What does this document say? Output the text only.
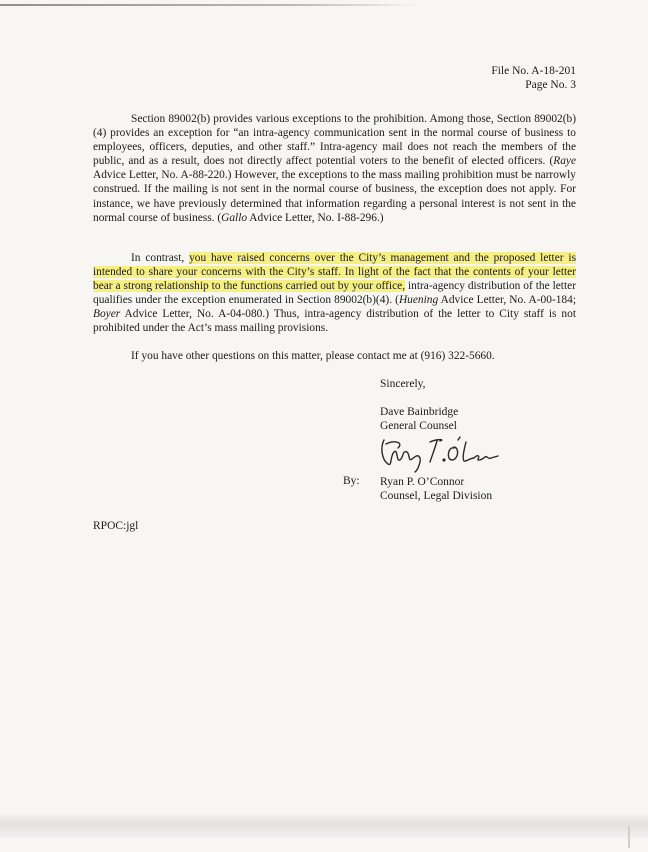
File No. A-18-201
Page No. 3

Section 89002(b) provides various exceptions to the prohibition. Among those, Section 89002(b)(4) provides an exception for “an intra-agency communication sent in the normal course of business to employees, officers, deputies, and other staff.” Intra-agency mail does not reach the members of the public, and as a result, does not directly affect potential voters to the benefit of elected officers. (Raye Advice Letter, No. A-88-220.) However, the exceptions to the mass mailing prohibition must be narrowly construed. If the mailing is not sent in the normal course of business, the exception does not apply. For instance, we have previously determined that information regarding a personal interest is not sent in the normal course of business. (Gallo Advice Letter, No. I-88-296.)

In contrast, you have raised concerns over the City’s management and the proposed letter is intended to share your concerns with the City’s staff. In light of the fact that the contents of your letter bear a strong relationship to the functions carried out by your office, intra-agency distribution of the letter qualifies under the exception enumerated in Section 89002(b)(4). (Huening Advice Letter, No. A-00-184; Boyer Advice Letter, No. A-04-080.) Thus, intra-agency distribution of the letter to City staff is not prohibited under the Act’s mass mailing provisions.

If you have other questions on this matter, please contact me at (916) 322-5660.

Sincerely,
Dave Bainbridge
General Counsel
By: Ryan P. O’Connor
Counsel, Legal Division
RPOC:jgl
